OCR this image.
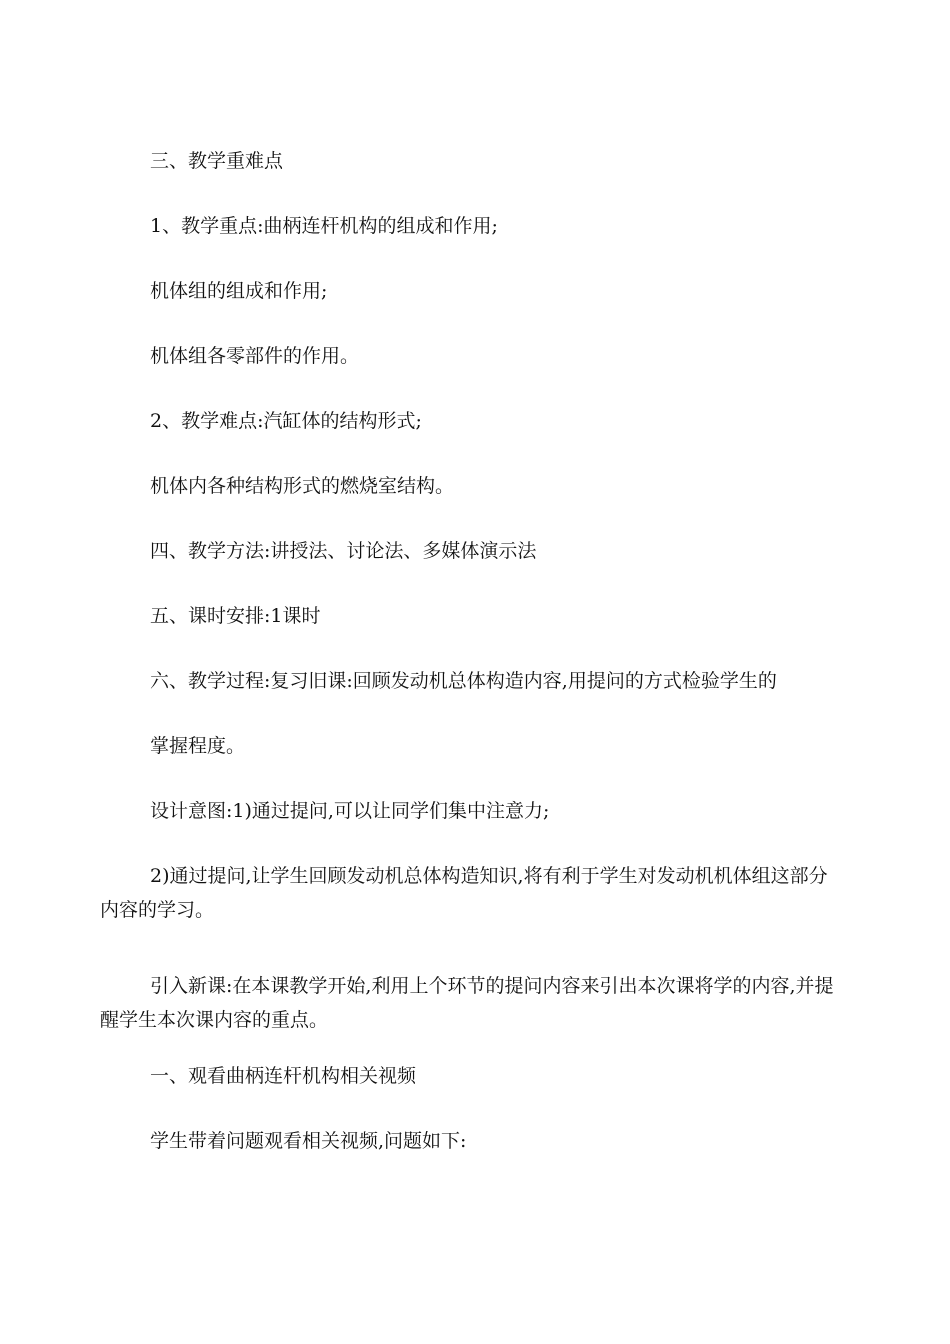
三、教学重难点

1、教学重点:曲柄连杆机构的组成和作用;

机体组的组成和作用;

机体组各零部件的作用。

2、教学难点:汽缸体的结构形式;

机体内各种结构形式的燃烧室结构。

四、教学方法:讲授法、讨论法、多媒体演示法

五、课时安排:1课时

六、教学过程:复习旧课:回顾发动机总体构造内容,用提问的方式检验学生的

掌握程度。

设计意图:1)通过提问,可以让同学们集中注意力;

2)通过提问,让学生回顾发动机总体构造知识,将有利于学生对发动机机体组这部分内容的学习。

引入新课:在本课教学开始,利用上个环节的提问内容来引出本次课将学的内容,并提醒学生本次课内容的重点。

一、观看曲柄连杆机构相关视频

学生带着问题观看相关视频,问题如下:
